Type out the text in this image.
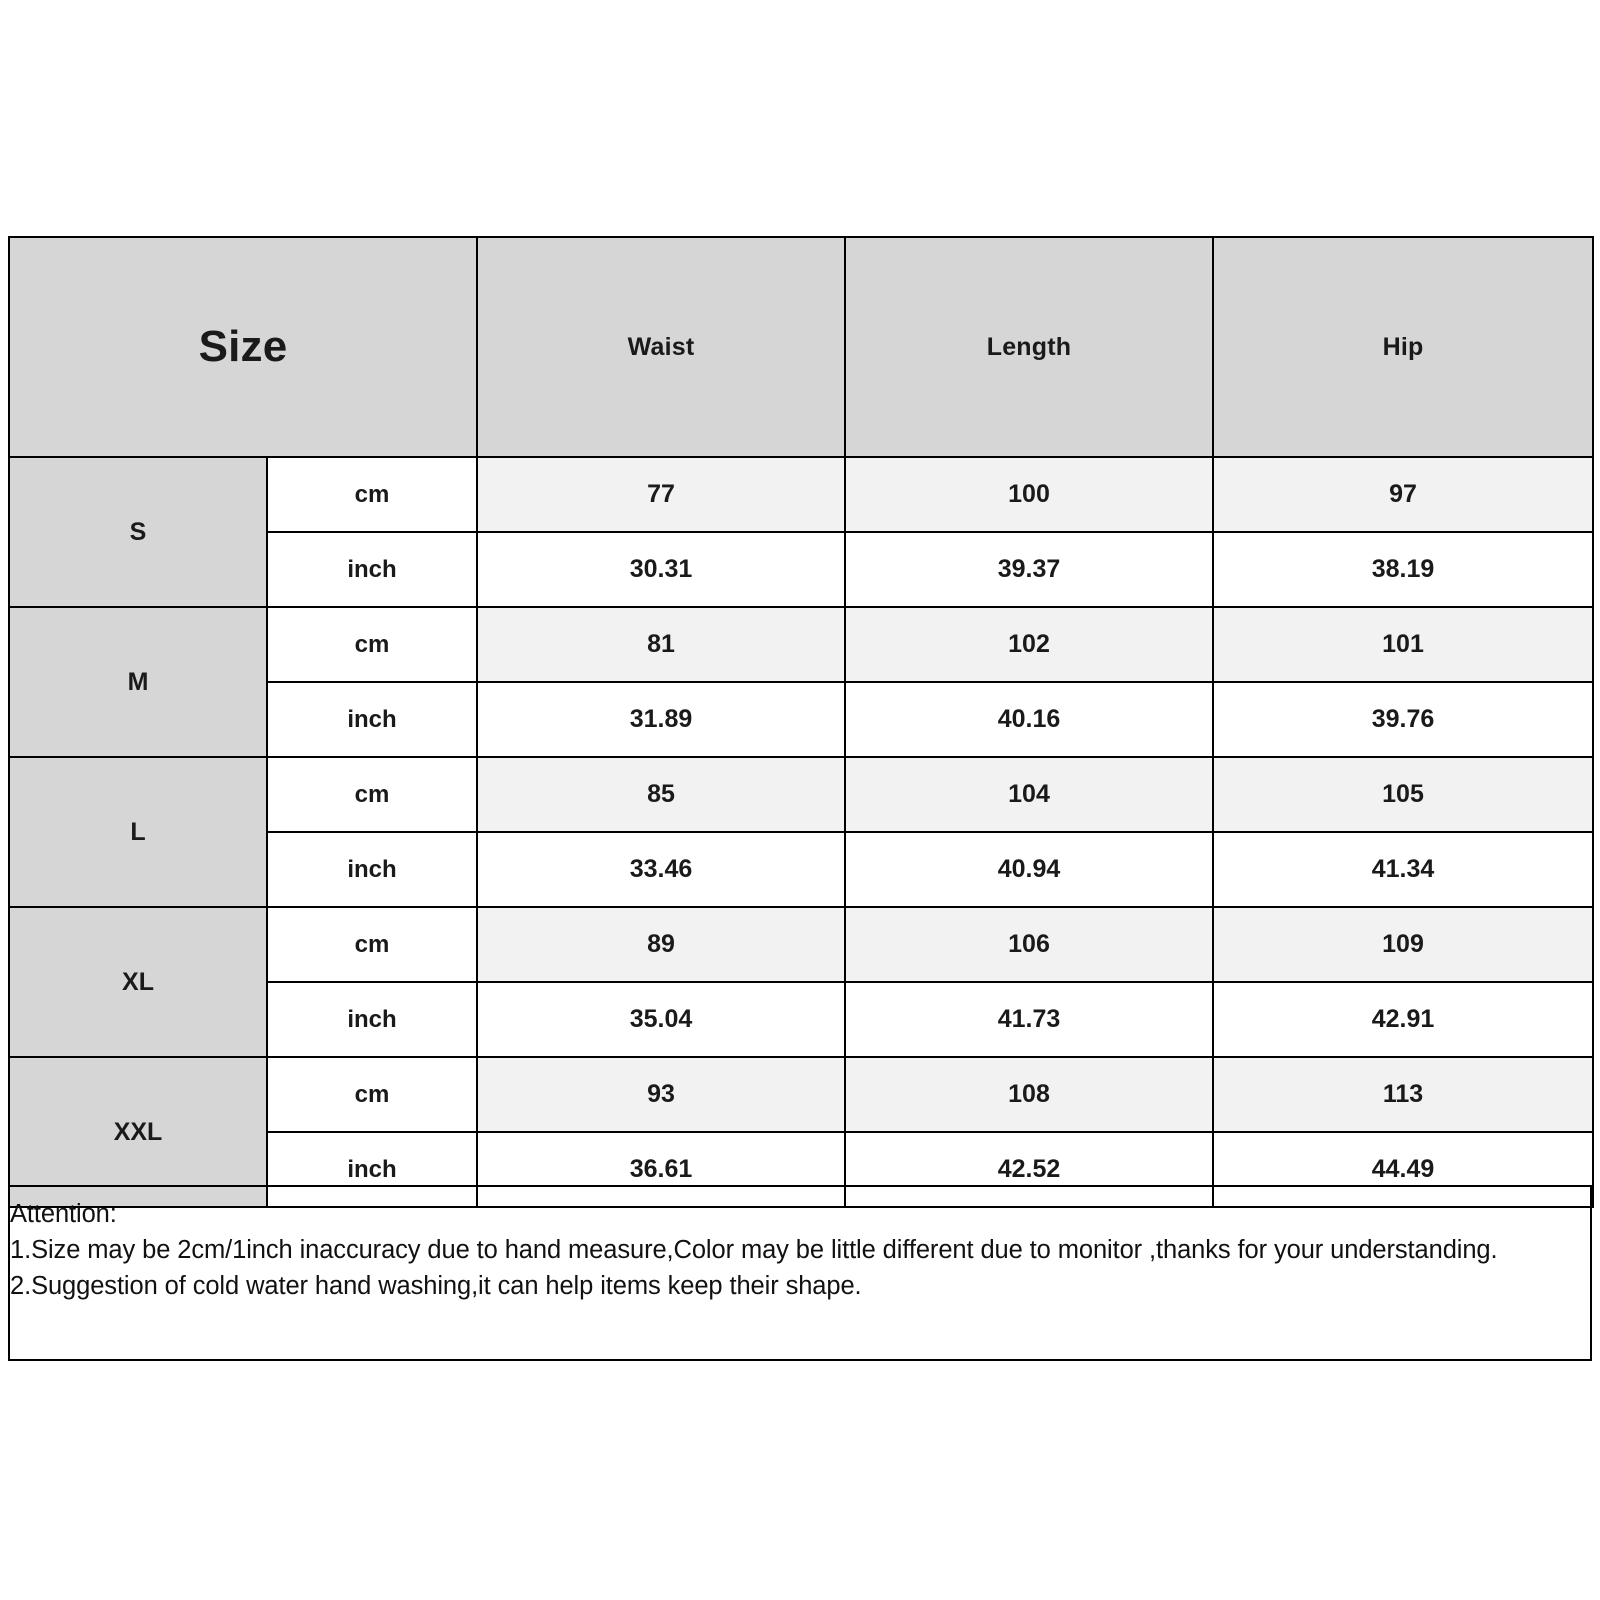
Size		Waist	Length	Hip
S	cm	77	100	97
	inch	30.31	39.37	38.19
M	cm	81	102	101
	inch	31.89	40.16	39.76
L	cm	85	104	105
	inch	33.46	40.94	41.34
XL	cm	89	106	109
	inch	35.04	41.73	42.91
XXL	cm	93	108	113
	inch	36.61	42.52	44.49
Attention:
1.Size may be 2cm/1inch inaccuracy due to hand measure,Color may be little different due to monitor ,thanks for your understanding.
2.Suggestion of cold water hand washing,it can help items keep their shape.
